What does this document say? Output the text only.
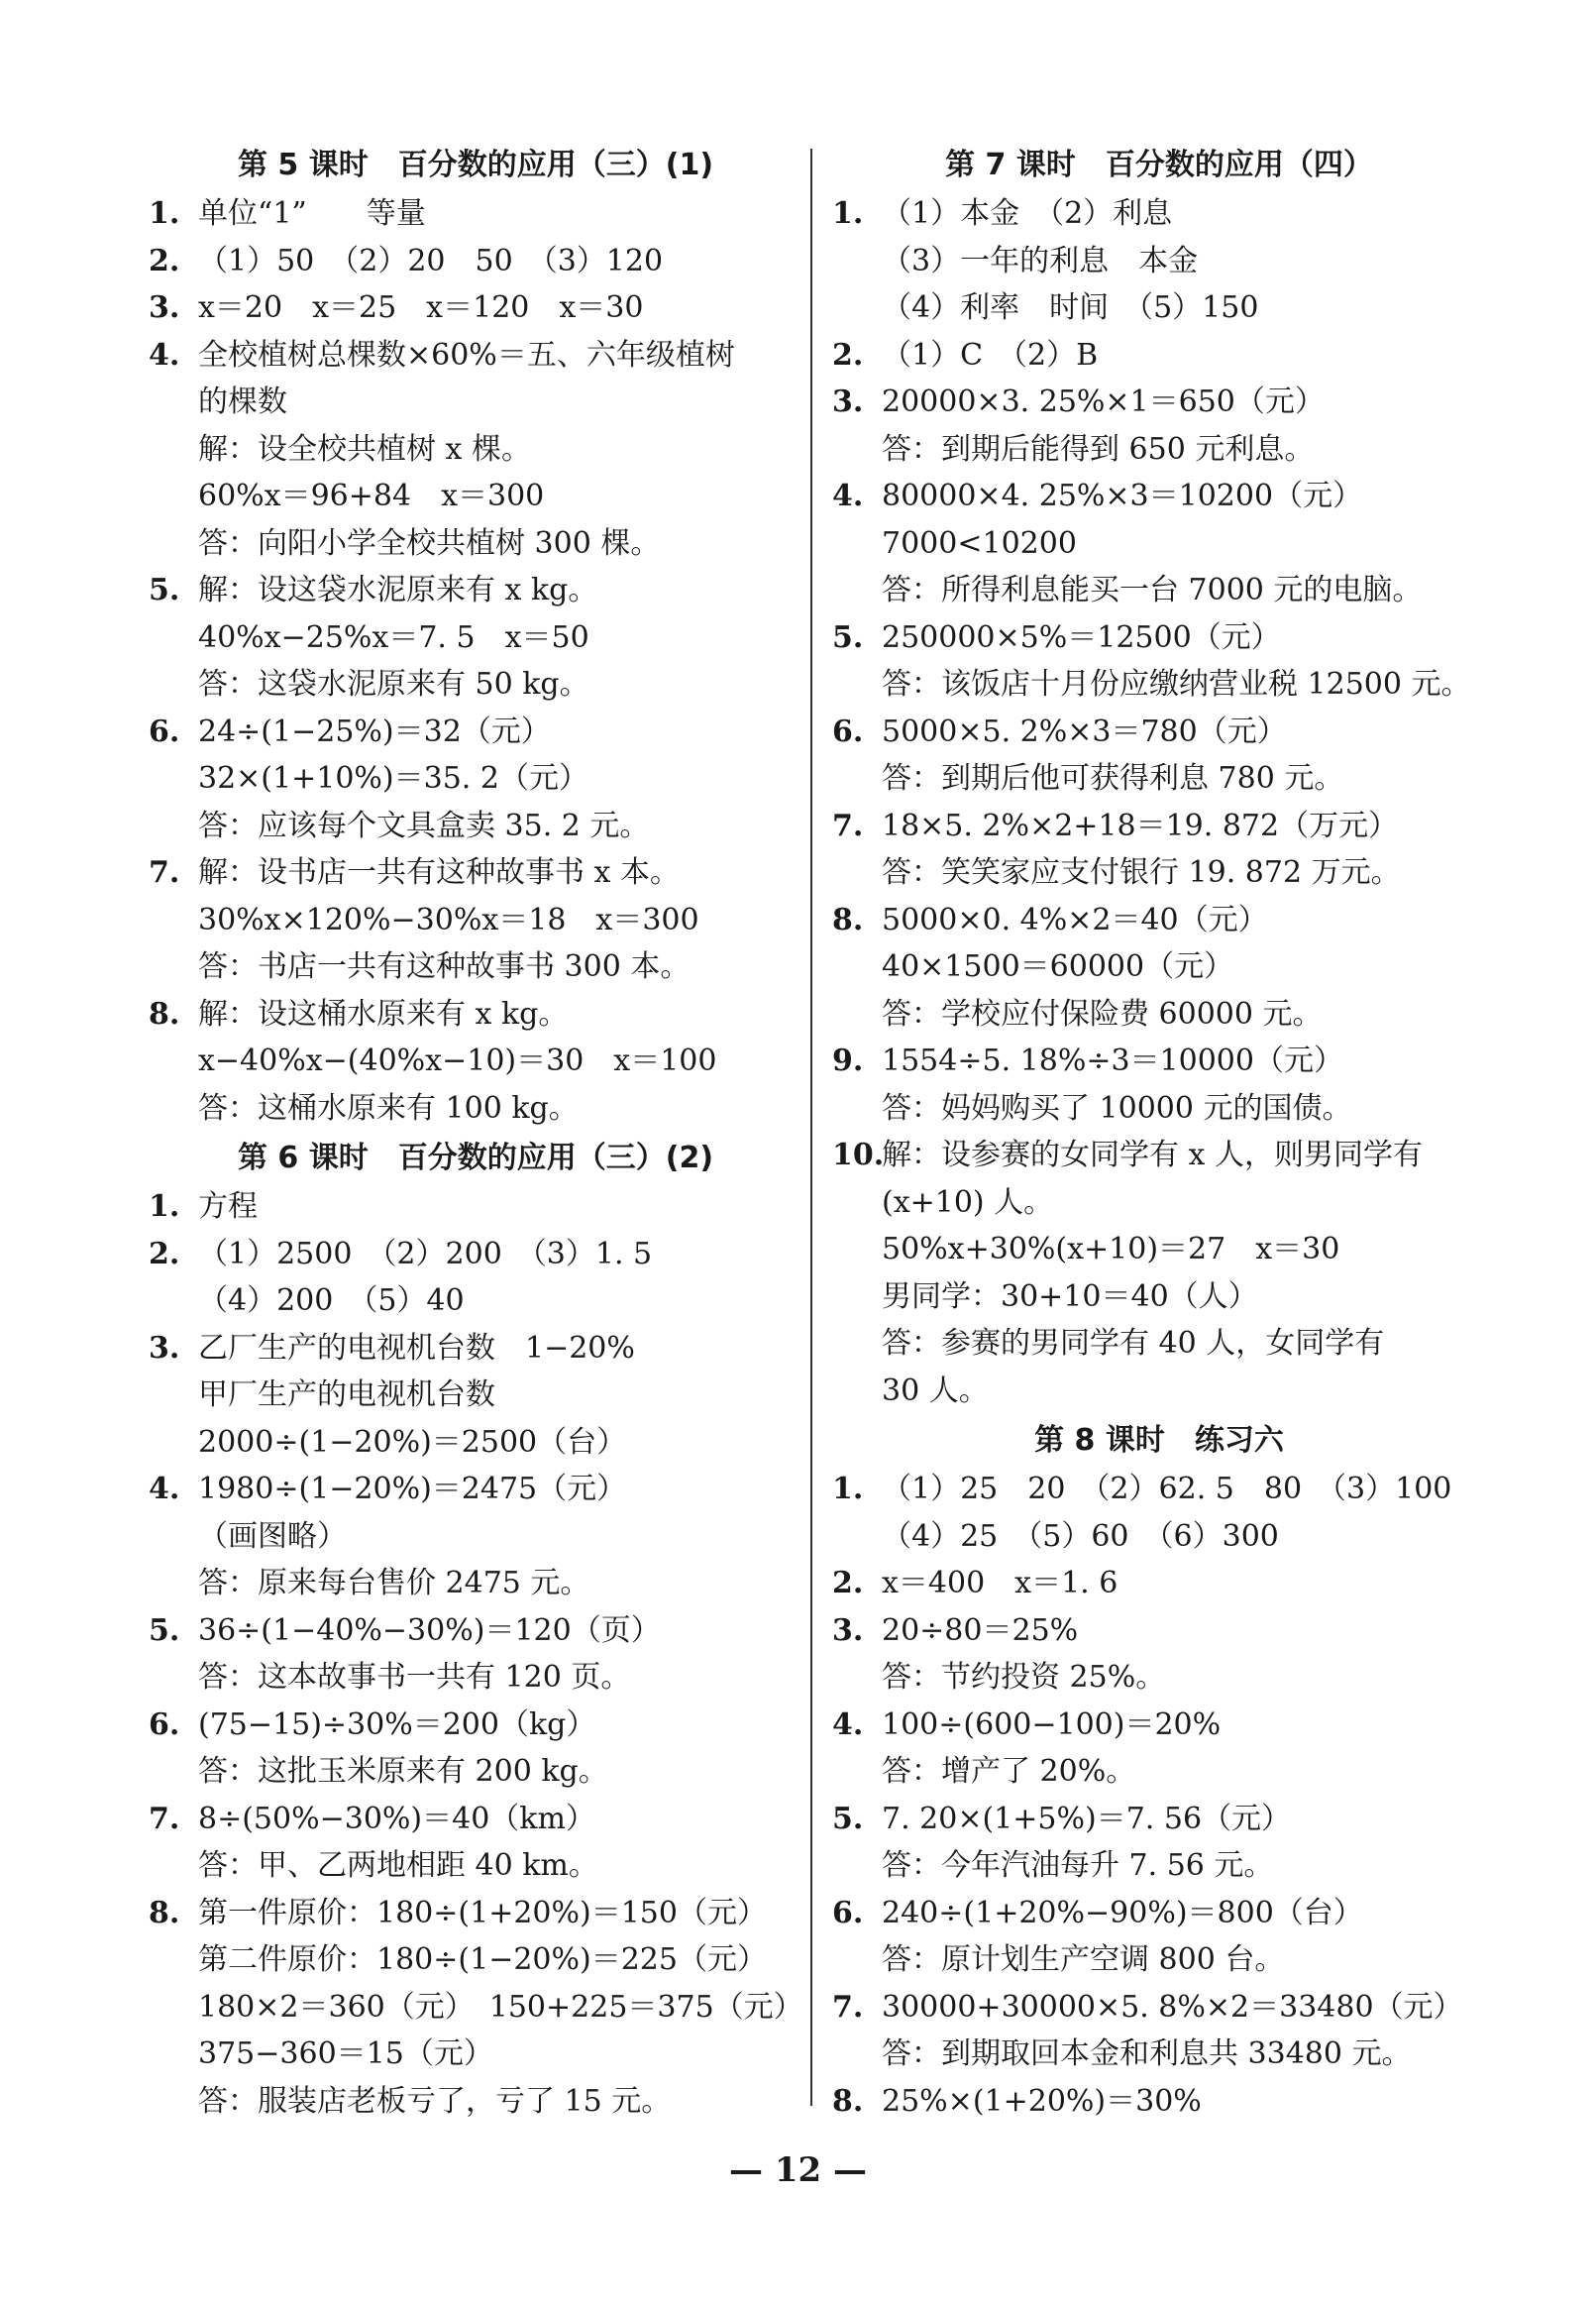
第 5 课时　百分数的应用（三）(1)
1. 单位“1”　　等量
2. （1）50　（2）20　50　（3）120
3. x＝20　x＝25　x＝120　x＝30
4. 全校植树总棵数×60%＝五、六年级植树
的棵数
解：设全校共植树 x 棵。
60%x＝96+84　x＝300
答：向阳小学全校共植树 300 棵。
5. 解：设这袋水泥原来有 x kg。
40%x−25%x＝7. 5　x＝50
答：这袋水泥原来有 50 kg。
6. 24÷(1−25%)＝32（元）
32×(1+10%)＝35. 2（元）
答：应该每个文具盒卖 35. 2 元。
7. 解：设书店一共有这种故事书 x 本。
30%x×120%−30%x＝18　x＝300
答：书店一共有这种故事书 300 本。
8. 解：设这桶水原来有 x kg。
x−40%x−(40%x−10)＝30　x＝100
答：这桶水原来有 100 kg。
第 6 课时　百分数的应用（三）(2)
1. 方程
2. （1）2500　（2）200　（3）1. 5
（4）200　（5）40
3. 乙厂生产的电视机台数　1−20%
甲厂生产的电视机台数
2000÷(1−20%)＝2500（台）
4. 1980÷(1−20%)＝2475（元）
（画图略）
答：原来每台售价 2475 元。
5. 36÷(1−40%−30%)＝120（页）
答：这本故事书一共有 120 页。
6. (75−15)÷30%＝200（kg）
答：这批玉米原来有 200 kg。
7. 8÷(50%−30%)＝40（km）
答：甲、乙两地相距 40 km。
8. 第一件原价：180÷(1+20%)＝150（元）
第二件原价：180÷(1−20%)＝225（元）
180×2＝360（元）　150+225＝375（元）
375−360＝15（元）
答：服装店老板亏了，亏了 15 元。
第 7 课时　百分数的应用（四）
1. （1）本金　（2）利息
（3）一年的利息　本金
（4）利率　时间　（5）150
2. （1）C　（2）B
3. 20000×3. 25%×1＝650（元）
答：到期后能得到 650 元利息。
4. 80000×4. 25%×3＝10200（元）
7000<10200
答：所得利息能买一台 7000 元的电脑。
5. 250000×5%＝12500（元）
答：该饭店十月份应缴纳营业税 12500 元。
6. 5000×5. 2%×3＝780（元）
答：到期后他可获得利息 780 元。
7. 18×5. 2%×2+18＝19. 872（万元）
答：笑笑家应支付银行 19. 872 万元。
8. 5000×0. 4%×2＝40（元）
40×1500＝60000（元）
答：学校应付保险费 60000 元。
9. 1554÷5. 18%÷3＝10000（元）
答：妈妈购买了 10000 元的国债。
10.
解：设参赛的女同学有 x 人，则男同学有
(x+10) 人。
50%x+30%(x+10)＝27　x＝30
男同学：30+10＝40（人）
答：参赛的男同学有 40 人，女同学有
30 人。
第 8 课时　练习六
1. （1）25　20　（2）62. 5　80　（3）100
（4）25　（5）60　（6）300
2. x＝400　x＝1. 6
3. 20÷80＝25%
答：节约投资 25%。
4. 100÷(600−100)＝20%
答：增产了 20%。
5. 7. 20×(1+5%)＝7. 56（元）
答：今年汽油每升 7. 56 元。
6. 240÷(1+20%−90%)＝800（台）
答：原计划生产空调 800 台。
7. 30000+30000×5. 8%×2＝33480（元）
答：到期取回本金和利息共 33480 元。
8. 25%×(1+20%)＝30%
— 12 —
